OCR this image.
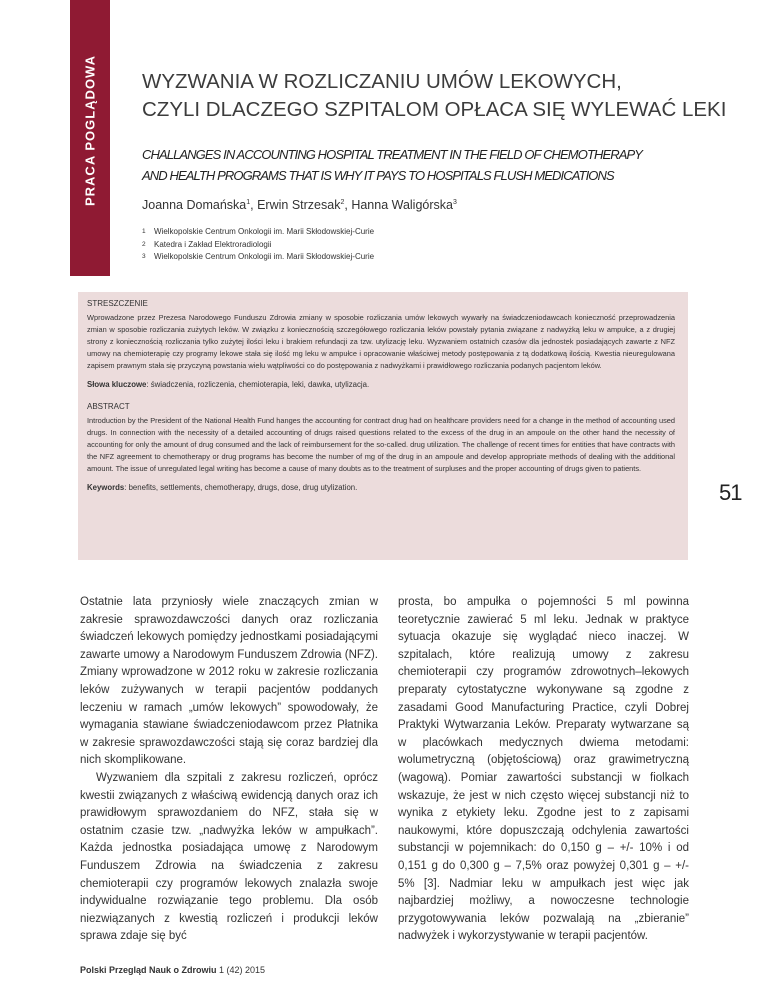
PRACA POGLĄDOWA WYZWANIA W ROZLICZANIU UMÓW LEKOWYCH,
CZYLI DLACZEGO SZPITALOM OPŁACA SIĘ WYLEWAĆ LEKI
CHALLANGES IN ACCOUNTING HOSPITAL TREATMENT IN THE FIELD OF CHEMOTHERAPY
AND HEALTH PROGRAMS THAT IS WHY IT PAYS TO HOSPITALS FLUSH MEDICATIONS
Joanna Domańska$^1$, Erwin Strzesak$^2$, Hanna Waligórska$^3$
1 Wielkopolskie Centrum Onkologii im. Marii Skłodowskiej-Curie
2 Katedra i Zakład Elektroradiologii
3 Wielkopolskie Centrum Onkologii im. Marii Skłodowskiej-Curie
STRESZCZENIE

Wprowadzone przez Prezesa Narodowego Funduszu Zdrowia zmiany w sposobie rozliczania umów lekowych wywarły na świadczeniodawcach konieczność przeprowadzenia zmian w sposobie rozliczania zużytych leków. W związku z koniecznością szczegółowego rozliczania leków powstały pytania związane z nadwyżką leku w ampułce, a z drugiej strony z koniecznością rozliczania tylko zużytej ilości leku i brakiem refundacji za tzw. utylizację leku. Wyzwaniem ostatnich czasów dla jednostek posiadających zawarte z NFZ umowy na chemioterapię czy programy lekowe stała się ilość mg leku w ampułce i opracowanie właściwej metody postępowania z tą dodatkową ilością. Kwestia nieuregulowana zapisem prawnym stała się przyczyną powstania wielu wątpliwości co do postępowania z nadwyżkami i prawidłowego rozliczania podanych pacjentom leków.

Słowa kluczowe: świadczenia, rozliczenia, chemioterapia, leki, dawka, utylizacja.

ABSTRACT

Introduction by the President of the National Health Fund hanges the accounting for contract drug had on healthcare providers need for a change in the method of accounting used drugs. In connection with the necessity of a detailed accounting of drugs raised questions related to the excess of the drug in an ampoule on the other hand the necessity of accounting for only the amount of drug consumed and the lack of reimbursement for the so-called. drug utilization. The challenge of recent times for entities that have contracts with the NFZ agreement to chemotherapy or drug programs has become the number of mg of the drug in an ampoule and develop appropriate methods of dealing with the additional amount. The issue of unregulated legal writing has become a cause of many doubts as to the treatment of surpluses and the proper accounting of drugs given to patients.

Keywords: benefits, settlements, chemotherapy, drugs, dose, drug utylization.	51

Ostatnie lata przyniosły wiele znaczących zmian w zakresie sprawozdawczości danych oraz rozliczania świadczeń lekowych pomiędzy jednostkami posiadającymi zawarte umowy a Narodowym Funduszem Zdrowia (NFZ). Zmiany wprowadzone w 2012 roku w zakresie rozliczania leków zużywanych w terapii pacjentów poddanych leczeniu w ramach „umów lekowych” spowodowały, że wymagania stawiane świadczeniodawcom przez Płatnika w zakresie sprawozdawczości stają się coraz bardziej dla nich skomplikowane.

Wyzwaniem dla szpitali z zakresu rozliczeń, oprócz kwestii związanych z właściwą ewidencją danych oraz ich prawidłowym sprawozdaniem do NFZ, stała się w ostatnim czasie tzw. „nadwyżka leków w ampułkach”. Każda jednostka posiadająca umowę z Narodowym Funduszem Zdrowia na świadczenia z zakresu chemioterapii czy programów lekowych znalazła swoje indywidualne rozwiązanie tego problemu. Dla osób niezwiązanych z kwestią rozliczeń i produkcji leków sprawa zdaje się być

prosta, bo ampułka o pojemności 5 ml powinna teoretycznie zawierać 5 ml leku. Jednak w praktyce sytuacja okazuje się wyglądać nieco inaczej. W szpitalach, które realizują umowy z zakresu chemioterapii czy programów zdrowotnych–lekowych preparaty cytostatyczne wykonywane są zgodne z zasadami Good Manufacturing Practice, czyli Dobrej Praktyki Wytwarzania Leków. Preparaty wytwarzane są w placówkach medycznych dwiema metodami: wolumetryczną (objętościową) oraz grawimetryczną (wagową). Pomiar zawartości substancji w fiolkach wskazuje, że jest w nich często więcej substancji niż to wynika z etykiety leku. Zgodne jest to z zapisami naukowymi, które dopuszczają odchylenia zawartości substancji w pojemnikach: do 0,150 g – +/- 10% i od 0,151 g do 0,300 g – 7,5% oraz powyżej 0,301 g – +/- 5% [3]. Nadmiar leku w ampułkach jest więc jak najbardziej możliwy, a nowoczesne technologie przygotowywania leków pozwalają na „zbieranie” nadwyżek i wykorzystywanie w terapii pacjentów.

Polski Przegląd Nauk o Zdrowiu 1 (42) 2015
